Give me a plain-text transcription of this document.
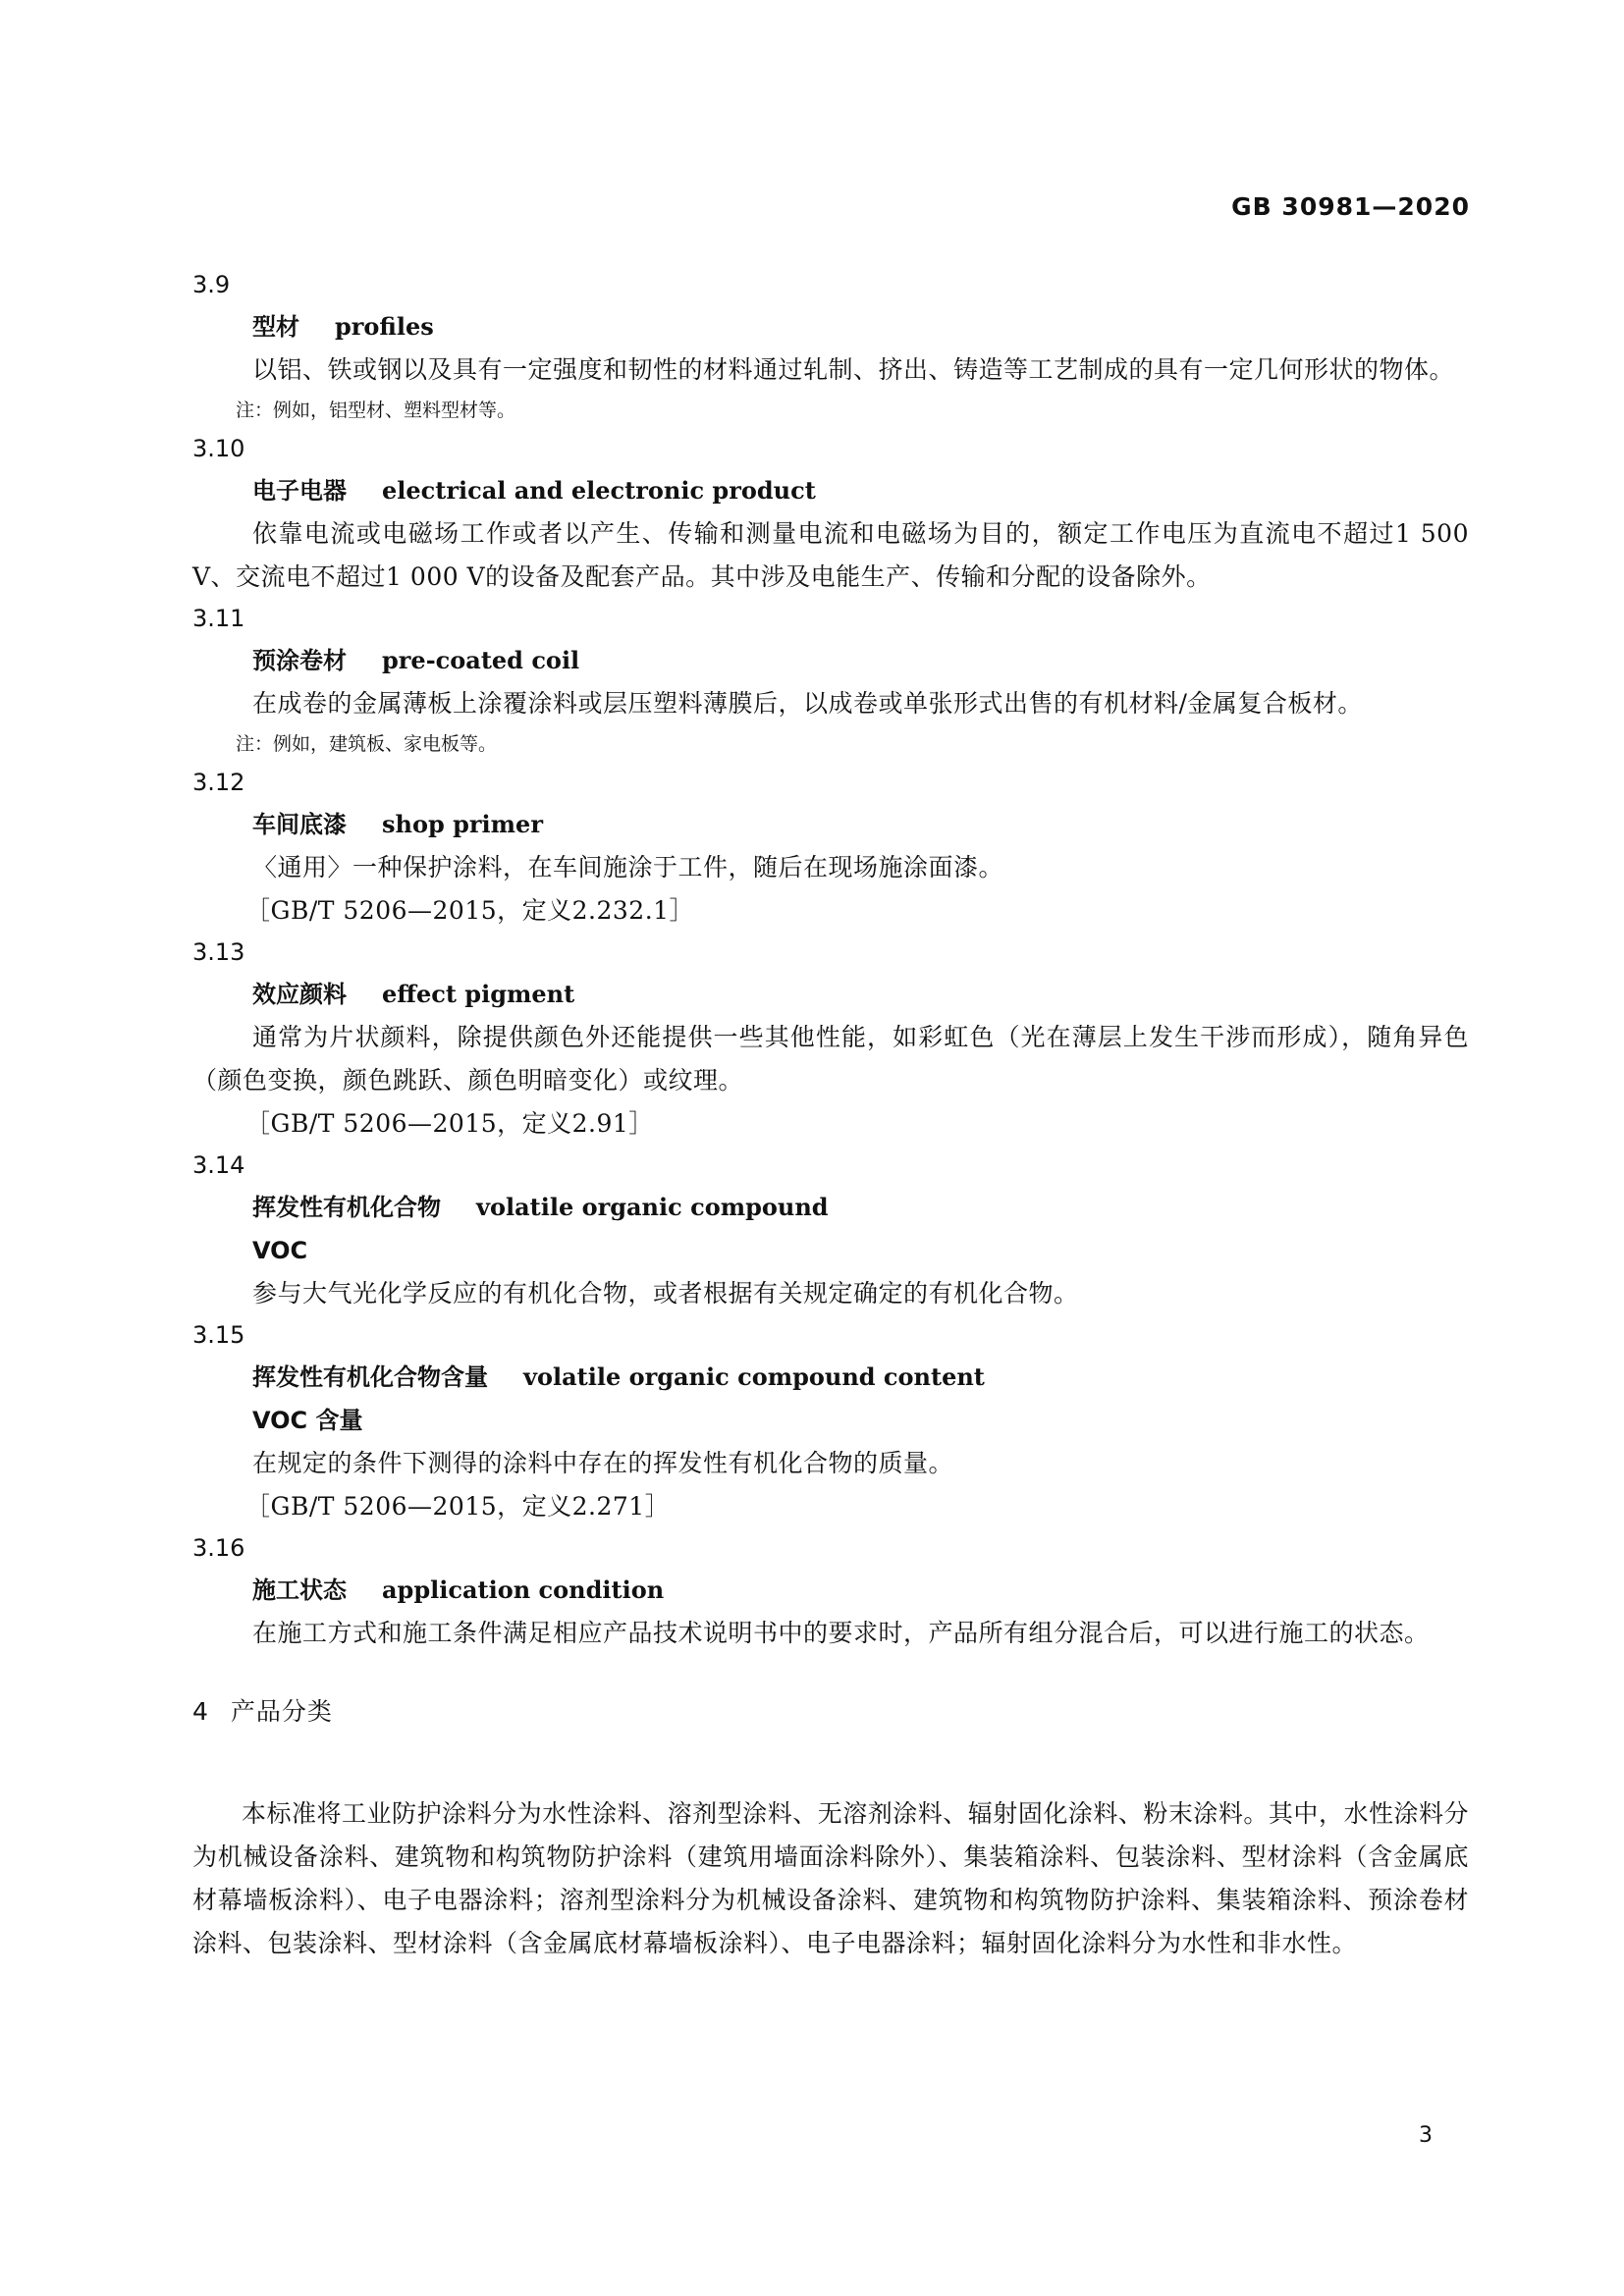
GB 30981—2020

3.9

型材 profiles

以铝、铁或钢以及具有一定强度和韧性的材料通过轧制、挤出、铸造等工艺制成的具有一定几何形状的物体。

注：例如，铝型材、塑料型材等。

3.10

电子电器 electrical and electronic product

依靠电流或电磁场工作或者以产生、传输和测量电流和电磁场为目的，额定工作电压为直流电不超过1 500 V、交流电不超过1 000 V的设备及配套产品。其中涉及电能生产、传输和分配的设备除外。

3.11

预涂卷材 pre-coated coil

在成卷的金属薄板上涂覆涂料或层压塑料薄膜后，以成卷或单张形式出售的有机材料/金属复合板材。

注：例如，建筑板、家电板等。

3.12

车间底漆 shop primer

〈通用〉一种保护涂料，在车间施涂于工件，随后在现场施涂面漆。

［GB/T 5206—2015，定义2.232.1］

3.13

效应颜料 effect pigment

通常为片状颜料，除提供颜色外还能提供一些其他性能，如彩虹色（光在薄层上发生干涉而形成），随角异色（颜色变换，颜色跳跃、颜色明暗变化）或纹理。

［GB/T 5206—2015，定义2.91］

3.14

挥发性有机化合物 volatile organic compound

VOC

参与大气光化学反应的有机化合物，或者根据有关规定确定的有机化合物。

3.15

挥发性有机化合物含量 volatile organic compound content

VOC 含量

在规定的条件下测得的涂料中存在的挥发性有机化合物的质量。

［GB/T 5206—2015，定义2.271］

3.16

施工状态 application condition

在施工方式和施工条件满足相应产品技术说明书中的要求时，产品所有组分混合后，可以进行施工的状态。

4 产品分类

本标准将工业防护涂料分为水性涂料、溶剂型涂料、无溶剂涂料、辐射固化涂料、粉末涂料。其中，水性涂料分为机械设备涂料、建筑物和构筑物防护涂料（建筑用墙面涂料除外）、集装箱涂料、包装涂料、型材涂料（含金属底材幕墙板涂料）、电子电器涂料；溶剂型涂料分为机械设备涂料、建筑物和构筑物防护涂料、集装箱涂料、预涂卷材涂料、包装涂料、型材涂料（含金属底材幕墙板涂料）、电子电器涂料；辐射固化涂料分为水性和非水性。

3
